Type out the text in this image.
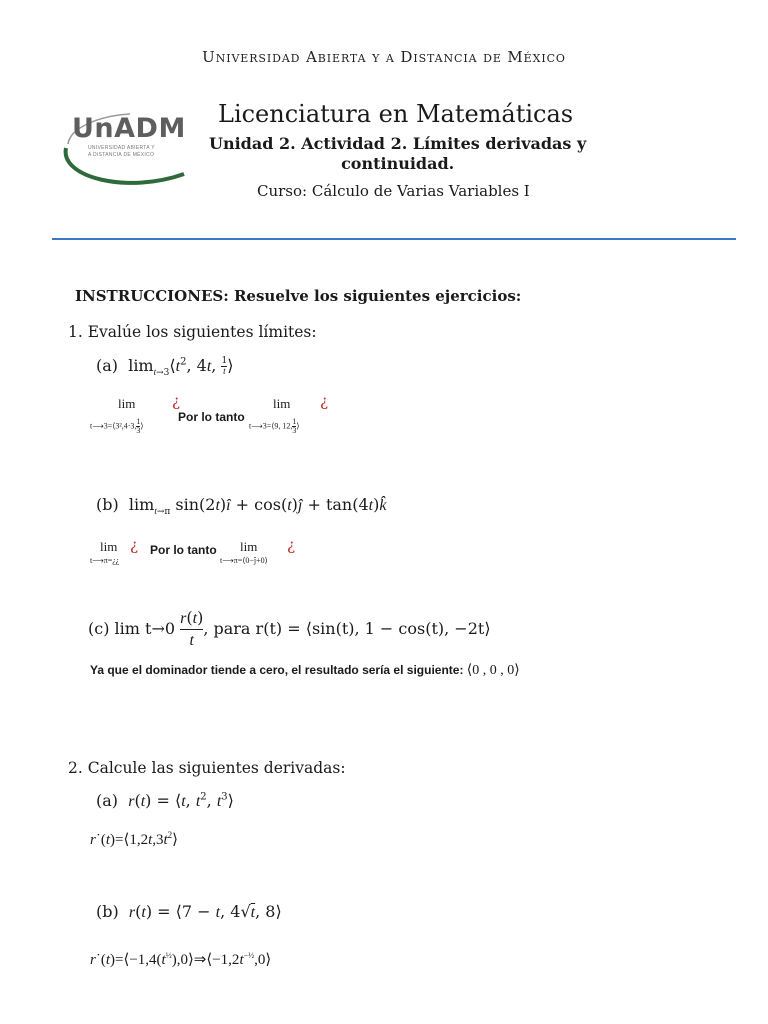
Universidad Abierta y a Distancia de México
UnADM
UNIVERSIDAD ABIERTA Y
A DISTANCIA DE MÉXICO
Licenciatura en Matemáticas
Unidad 2. Actividad 2. Límites derivadas y
continuidad.
Curso: Cálculo de Varias Variables I
INSTRUCCIONES: Resuelve los siguientes ejercicios:
1. Evalúe los siguientes límites:
(a)  $\lim_{t\to 3}⟨t^2$, 4t, $\frac{1}{t}⟩$
lim
t⟶3=⟨3²,4·3, 1
3⟩
¿
Por lo tanto
lim
t⟶3=⟨9, 12, 1
3⟩
¿
(b)  $\lim_{t\to\pi}$ sin(2t)î + cos(t)ĵ + tan(4t)k̂
lim
t⟶π=¿¿
¿ Por lo tanto lim
t⟶π=⟨0−ĵ+0⟩
¿
(c) $\lim t\to 0 \frac{r(t)}{t}$, para r(t) = ⟨sin(t), 1 − cos(t), −2t⟩
Ya que el dominador tiende a cero, el resultado sería el siguiente: ⟨0 , 0 , 0⟩
2. Calcule las siguientes derivadas:
(a)  r(t) = ⟨t, $t^2$, $t^3⟩$
$r˙(t)=⟨1,2t,3t^2⟩$
(b)  r(t) = ⟨7 − t, 4√t, 8⟩
$r˙(t)=⟨-1,4(t^{\frac{1}{2}}),0⟩\Rightarrow⟨-1,2t^{-\frac{1}{2}},0⟩$
